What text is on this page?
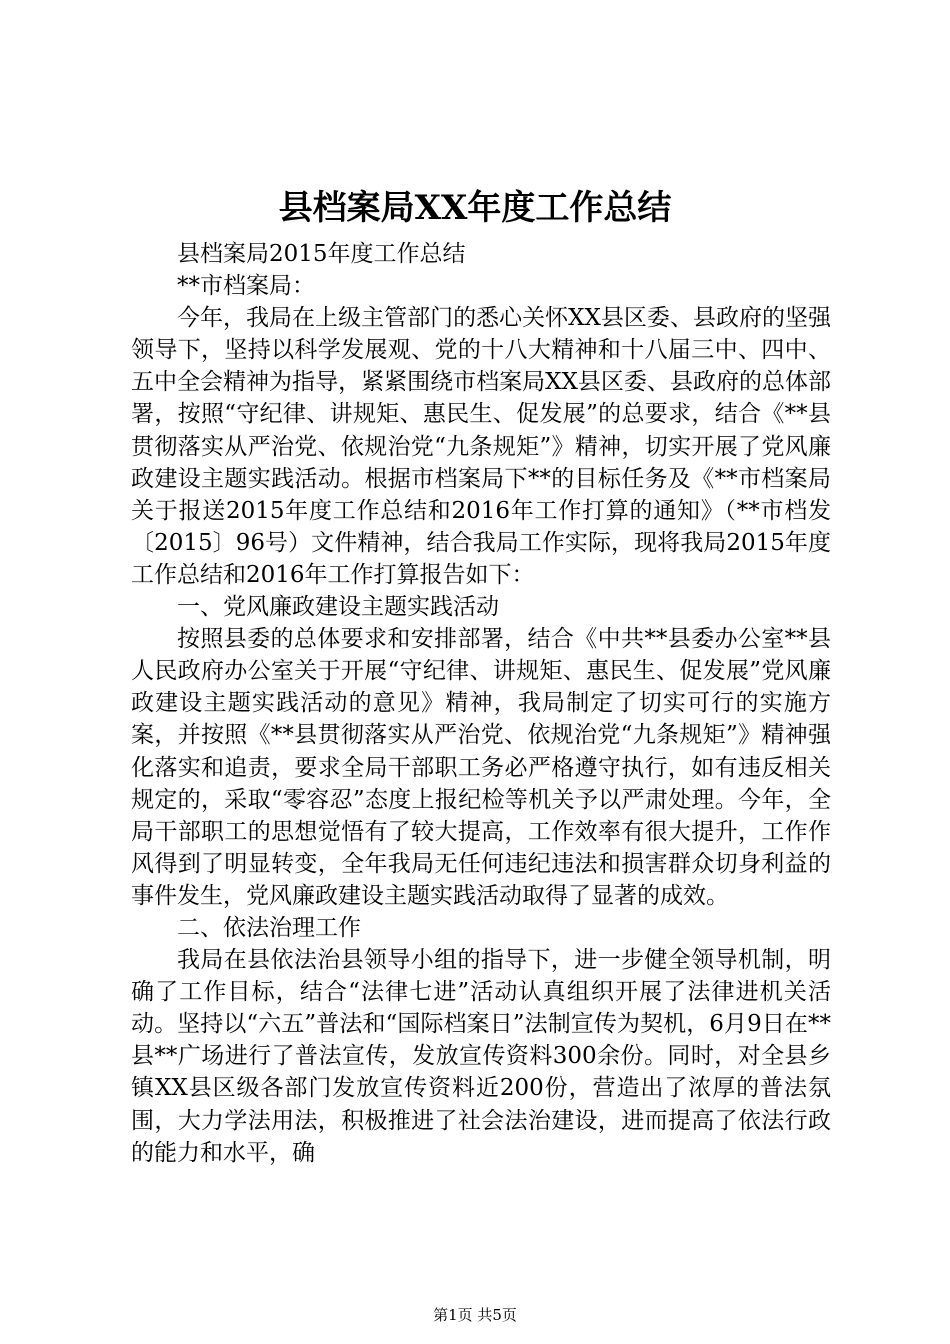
县档案局XX年度工作总结

县档案局2015年度工作总结

**市档案局：

今年，我局在上级主管部门的悉心关怀XX县区委、县政府的坚强领导下，坚持以科学发展观、党的十八大精神和十八届三中、四中、五中全会精神为指导，紧紧围绕市档案局XX县区委、县政府的总体部署，按照“守纪律、讲规矩、惠民生、促发展”的总要求，结合《**县贯彻落实从严治党、依规治党“九条规矩”》精神，切实开展了党风廉政建设主题实践活动。根据市档案局下**的目标任务及《**市档案局关于报送2015年度工作总结和2016年工作打算的通知》（**市档发〔2015〕96号）文件精神，结合我局工作实际，现将我局2015年度工作总结和2016年工作打算报告如下：

一、党风廉政建设主题实践活动

按照县委的总体要求和安排部署，结合《中共**县委办公室**县人民政府办公室关于开展“守纪律、讲规矩、惠民生、促发展”党风廉政建设主题实践活动的意见》精神，我局制定了切实可行的实施方案，并按照《**县贯彻落实从严治党、依规治党“九条规矩”》精神强化落实和追责，要求全局干部职工务必严格遵守执行，如有违反相关规定的，采取“零容忍”态度上报纪检等机关予以严肃处理。今年，全局干部职工的思想觉悟有了较大提高，工作效率有很大提升，工作作风得到了明显转变，全年我局无任何违纪违法和损害群众切身利益的事件发生，党风廉政建设主题实践活动取得了显著的成效。

二、依法治理工作

我局在县依法治县领导小组的指导下，进一步健全领导机制，明确了工作目标，结合“法律七进”活动认真组织开展了法律进机关活动。坚持以“六五”普法和“国际档案日”法制宣传为契机，6月9日在**县**广场进行了普法宣传，发放宣传资料300余份。同时，对全县乡镇XX县区级各部门发放宣传资料近200份，营造出了浓厚的普法氛围，大力学法用法，积极推进了社会法治建设，进而提高了依法行政的能力和水平，确

第1页 共5页
